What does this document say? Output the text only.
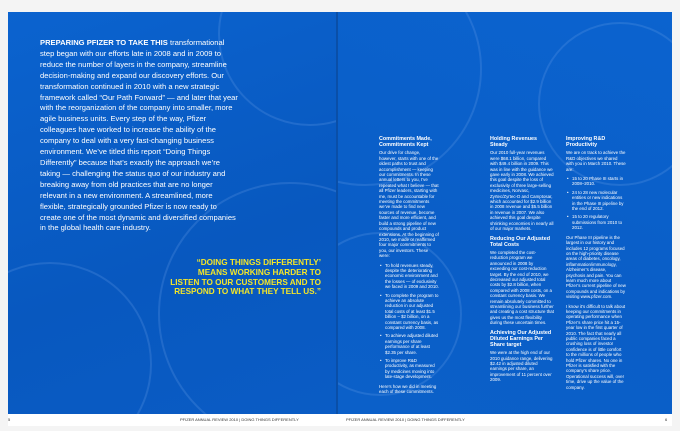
PREPARING PFIZER TO TAKE THIS transformational step began with our efforts late in 2008 and in 2009 to reduce the number of layers in the company, streamline decision-making and expand our discovery efforts. Our transformation continued in 2010 with a new strategic framework called “Our Path Forward” — and later that year with the reorganization of the company into smaller, more agile business units. Every step of the way, Pfizer colleagues have worked to increase the ability of the company to deal with a very fast-changing business environment. We’ve titled this report “Doing Things Differently” because that’s exactly the approach we’re taking — challenging the status quo of our industry and breaking away from old practices that are no longer relevant in a new environment. A streamlined, more flexible, strategically grounded Pfizer is now ready to create one of the most dynamic and diversified companies in the global health care industry.
“DOING THINGS DIFFERENTLY’ MEANS WORKING HARDER TO LISTEN TO OUR CUSTOMERS AND TO RESPOND TO WHAT THEY TELL US.”
Commitments Made, Commitments Kept

Our drive for change, however, starts with one of the oldest paths to trust and accomplishment — keeping our commitments. In these annual letters to you, I’ve repeated what I believe — that all Pfizer leaders, starting with me, must be accountable for meeting the commitments we’ve made to find new sources of revenue, become faster and more efficient, and build a strong pipeline of new compounds and product extensions. At the beginning of 2010, we made or reaffirmed four major commitments to you, our investors. These were:

• To hold revenues steady, despite the deteriorating economic environment and the losses — of exclusivity we faced in 2009 and 2010.
• To complete the program to achieve an absolute reduction in our adjusted total costs of at least $1.5 billion – $2 billion, on a constant currency basis, as compared with 2008.
• To achieve adjusted diluted earnings per share performance of at least $2.35 per share.
• To improve R&D productivity, as measured by medicines moving into late-stage development.

Here’s how we did in meeting each of these commitments.

Holding Revenues Steady

Our 2010 full-year revenues were $68.1 billion, compared with $49.4 billion in 2009. This was in line with the guidance we gave early in 2008. We achieved this goal despite the loss of exclusivity of three large-selling medicines, Norvasc, Zyrtec/Zyrtec-D and Camptosar, which accounted for $2.9 billion in 2008 revenue and $5.5 billion in revenue in 2007. We also achieved this goal despite shrinking economies in nearly all of our major markets.

Reducing Our Adjusted Total Costs

We completed the cost-reduction program we announced in 2008 by exceeding our cost-reduction target. By the end of 2010, we decreased our adjusted total costs by $2.8 billion, when compared with 2008 costs, on a constant currency basis. We remain absolutely committed to streamlining our business further and creating a cost structure that gives us the most flexibility during these uncertain times.

Achieving Our Adjusted Diluted Earnings Per Share target

We were at the high end of our 2010 guidance range, delivering $2.42 in adjusted diluted earnings per share, an improvement of 11 percent over 2009.

Improving R&D Productivity

We are on track to achieve the R&D objectives we shared with you in March 2010. These are:

• 15 to 20 Phase III starts in 2008–2010.
• 24 to 28 new molecular entities or new indications in the Phase III pipeline by the end of 2012.
• 15 to 20 regulatory submissions from 2010 to 2012.

Our Phase III pipeline is the largest in our history and includes 12 programs focused on the high-priority disease areas of diabetes, oncology, inflammation/immunology, Alzheimer’s disease, psychosis and pain. You can learn much more about Pfizer’s current pipeline of new compounds and indications by visiting www.pfizer.com.

I know it’s difficult to talk about keeping our commitments in operating performance when Pfizer’s share price hit a 15-year low in the first quarter of 2010. The fact that nearly all public companies faced a crushing loss of investor confidence is of little comfort to the millions of people who hold Pfizer shares. No one in Pfizer is satisfied with the company’s share price. Operational success will, over time, drive up the value of the company.

5	PFIZER ANNUAL REVIEW 2010 | DOING THINGS DIFFERENTLY	PFIZER ANNUAL REVIEW 2010 | DOING THINGS DIFFERENTLY	6
